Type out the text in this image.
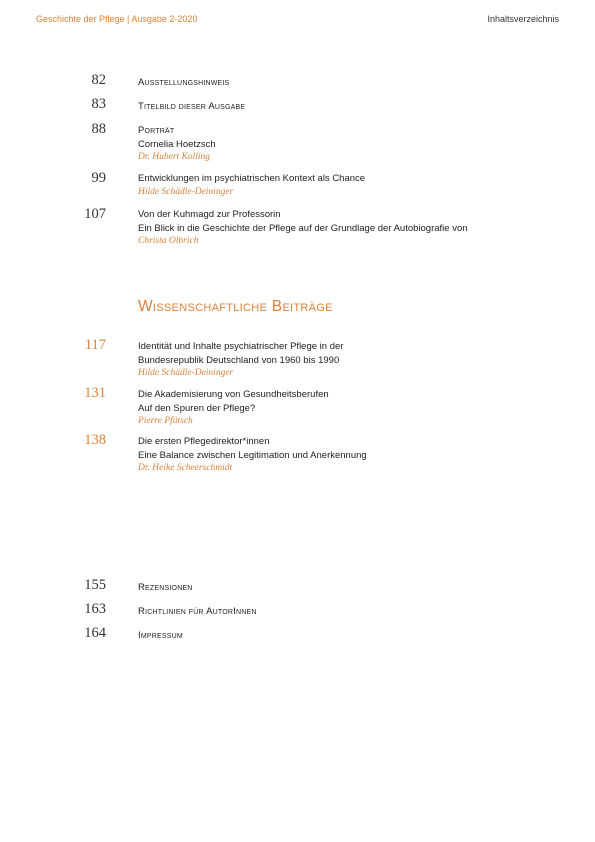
Geschichte der Pflege | Ausgabe 2-2020	Inhaltsverzeichnis
82	Ausstellungshinweis
83	Titelbild dieser Ausgabe
88	Porträt
Cornelia Hoetzsch
Dr. Hubert Kolling
99	Entwicklungen im psychiatrischen Kontext als Chance
Hilde Schädle-Deininger
107	Von der Kuhmagd zur Professorin
Ein Blick in die Geschichte der Pflege auf der Grundlage der Autobiografie von
Christa Olbrich
Wissenschaftliche Beiträge
117	Identität und Inhalte psychiatrischer Pflege in der
Bundesrepublik Deutschland von 1960 bis 1990
Hilde Schädle-Deininger
131	Die Akademisierung von Gesundheitsberufen
Auf den Spuren der Pflege?
Pierre Pfütsch
138	Die ersten Pflegedirektor*innen
Eine Balance zwischen Legitimation und Anerkennung
Dr. Heike Scheerschmidt
155	Rezensionen
163	Richtlinien für AutorInnen
164	Impressum
